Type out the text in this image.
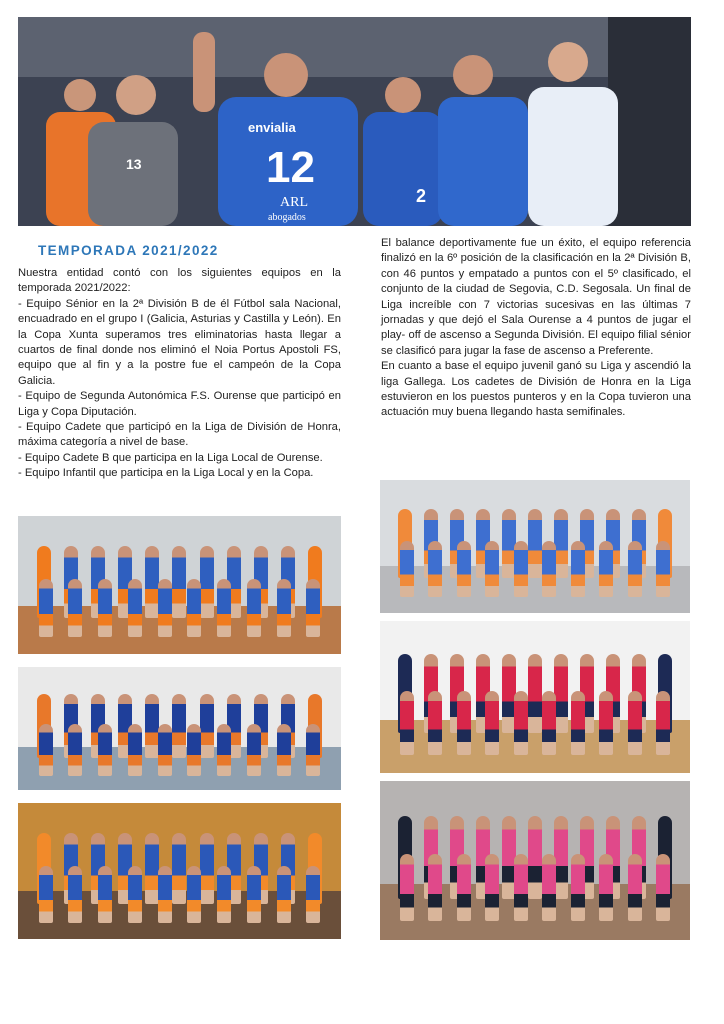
envialia
12
ARL
abogados
13
2
TEMPORADA 2021/2022

Nuestra entidad contó con los siguientes equipos en la temporada 2021/2022:

- Equipo Sénior en la 2ª División B de él Fútbol sala Nacional, encuadrado en el grupo I (Galicia, Asturias y Castilla y León). En la Copa Xunta superamos tres eliminatorias hasta llegar a cuartos de final donde nos eliminó el Noia Portus Apostoli FS, equipo que al fin y a la postre fue el campeón de la Copa Galicia.

- Equipo de Segunda Autonómica F.S. Ourense que participó en Liga y Copa Diputación.

- Equipo Cadete que participó en la Liga de División de Honra, máxima categoría a nivel de base.

- Equipo Cadete B que participa en la Liga Local de Ourense.

- Equipo Infantil que participa en la Liga Local y en la Copa.

El balance deportivamente fue un éxito, el equipo referencia finalizó en la 6º posición de la clasificación en la 2ª División B, con 46 puntos y empatado a puntos con el 5º clasificado, el conjunto de la ciudad de Segovia, C.D. Segosala. Un final de Liga increíble con 7 victorias sucesivas en las últimas 7 jornadas y que dejó el Sala Ourense a 4 puntos de jugar el play- off de ascenso a Segunda División. El equipo filial sénior se clasificó para jugar la fase de ascenso a Preferente.

En cuanto a base el equipo juvenil ganó su Liga y ascendió la liga Gallega. Los cadetes de División de Honra en la Liga estuvieron en los puestos punteros y en la Copa tuvieron una actuación muy buena llegando hasta semifinales.
